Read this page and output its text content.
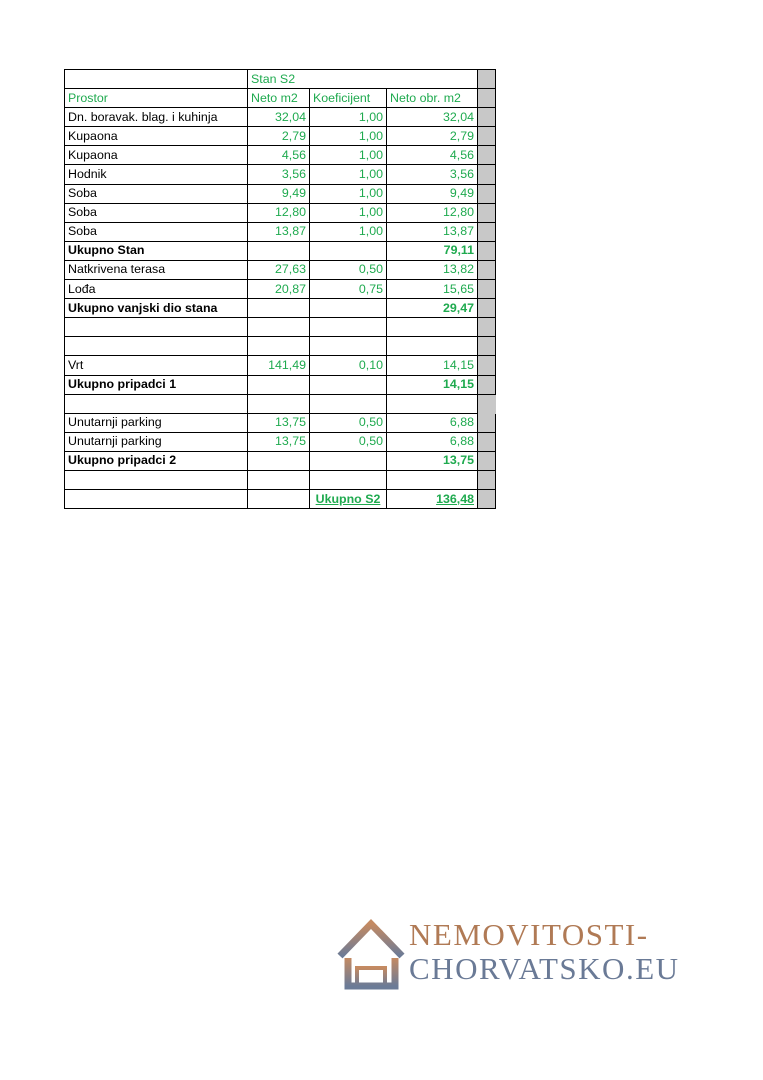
	Stan S2			
Prostor	Neto m2	Koeficijent	Neto obr. m2	
Dn. boravak. blag. i kuhinja	32,04	1,00	32,04	
Kupaona	2,79	1,00	2,79	
Kupaona	4,56	1,00	4,56	
Hodnik	3,56	1,00	3,56	
Soba	9,49	1,00	9,49	
Soba	12,80	1,00	12,80	
Soba	13,87	1,00	13,87	
Ukupno Stan			79,11	
Natkrivena terasa	27,63	0,50	13,82	
Lođa	20,87	0,75	15,65	
Ukupno vanjski dio stana			29,47	

Vrt	141,49	0,10	14,15	
Ukupno pripadci 1			14,15	

Unutarnji parking	13,75	0,50	6,88	
Unutarnji parking	13,75	0,50	6,88	
Ukupno pripadci 2			13,75	

		Ukupno S2	136,48	
NEMOVITOSTI-
CHORVATSKO.EU
